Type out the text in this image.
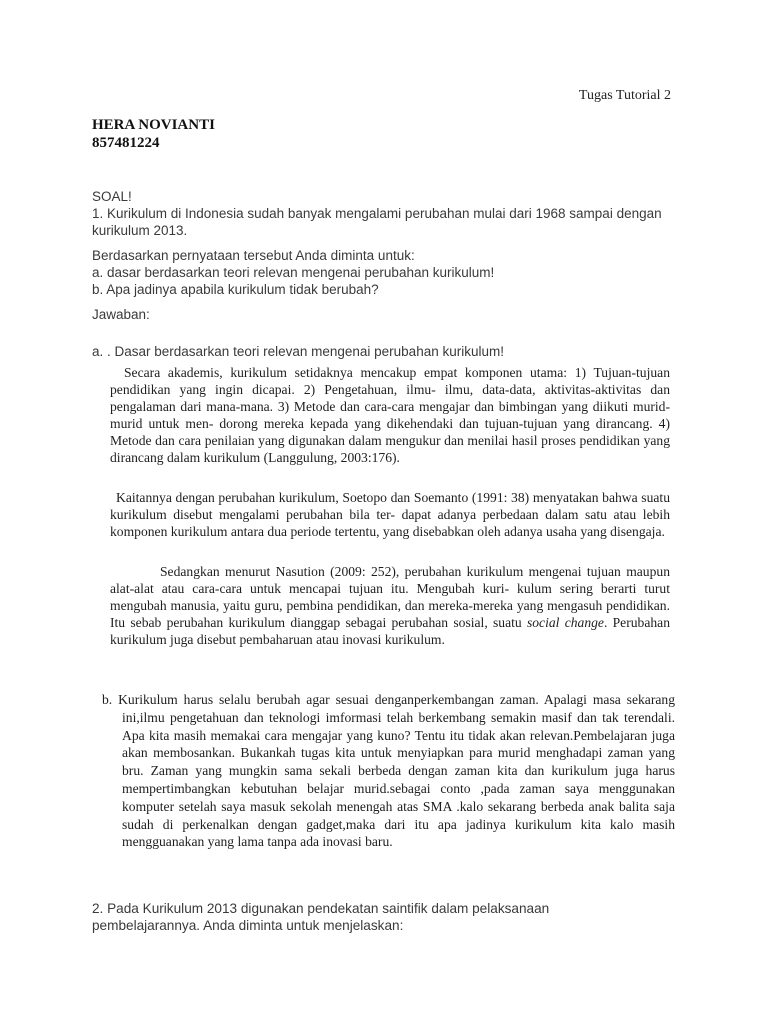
Tugas Tutorial 2
HERA NOVIANTI
857481224
SOAL!
1. Kurikulum di Indonesia sudah banyak mengalami perubahan mulai dari 1968 sampai dengan kurikulum 2013.
Berdasarkan pernyataan tersebut Anda diminta untuk:
a. dasar berdasarkan teori relevan mengenai perubahan kurikulum!
b. Apa jadinya apabila kurikulum tidak berubah?
Jawaban:
a. . Dasar berdasarkan teori relevan mengenai perubahan kurikulum!
Secara akademis, kurikulum setidaknya mencakup empat komponen utama: 1) Tujuan-tujuan pendidikan yang ingin dicapai. 2) Pengetahuan, ilmu- ilmu, data-data, aktivitas-aktivitas dan pengalaman dari mana-mana. 3) Metode dan cara-cara mengajar dan bimbingan yang diikuti murid-murid untuk men- dorong mereka kepada yang dikehendaki dan tujuan-tujuan yang dirancang. 4) Metode dan cara penilaian yang digunakan dalam mengukur dan menilai hasil proses pendidikan yang dirancang dalam kurikulum (Langgulung, 2003:176).
Kaitannya dengan perubahan kurikulum, Soetopo dan Soemanto (1991: 38) menyatakan bahwa suatu kurikulum disebut mengalami perubahan bila ter- dapat adanya perbedaan dalam satu atau lebih komponen kurikulum antara dua periode tertentu, yang disebabkan oleh adanya usaha yang disengaja.
Sedangkan menurut Nasution (2009: 252), perubahan kurikulum mengenai tujuan maupun alat-alat atau cara-cara untuk mencapai tujuan itu. Mengubah kuri- kulum sering berarti turut mengubah manusia, yaitu guru, pembina pendidikan, dan mereka-mereka yang mengasuh pendidikan. Itu sebab perubahan kurikulum dianggap sebagai perubahan sosial, suatu social change. Perubahan kurikulum juga disebut pembaharuan atau inovasi kurikulum.
b. Kurikulum harus selalu berubah agar sesuai denganperkembangan zaman. Apalagi masa sekarang ini,ilmu pengetahuan dan teknologi imformasi telah berkembang semakin masif dan tak terendali. Apa kita masih memakai cara mengajar yang kuno? Tentu itu tidak akan relevan.Pembelajaran juga akan membosankan. Bukankah tugas kita untuk menyiapkan para murid menghadapi zaman yang bru. Zaman yang mungkin sama sekali berbeda dengan zaman kita dan kurikulum juga harus mempertimbangkan kebutuhan belajar murid.sebagai conto ,pada zaman saya menggunakan komputer setelah saya masuk sekolah menengah atas SMA .kalo sekarang berbeda anak balita saja sudah di perkenalkan dengan gadget,maka dari itu apa jadinya kurikulum kita kalo masih mengguanakan yang lama tanpa ada inovasi baru.
2. Pada Kurikulum 2013 digunakan pendekatan saintifik dalam pelaksanaan pembelajarannya. Anda diminta untuk menjelaskan:
